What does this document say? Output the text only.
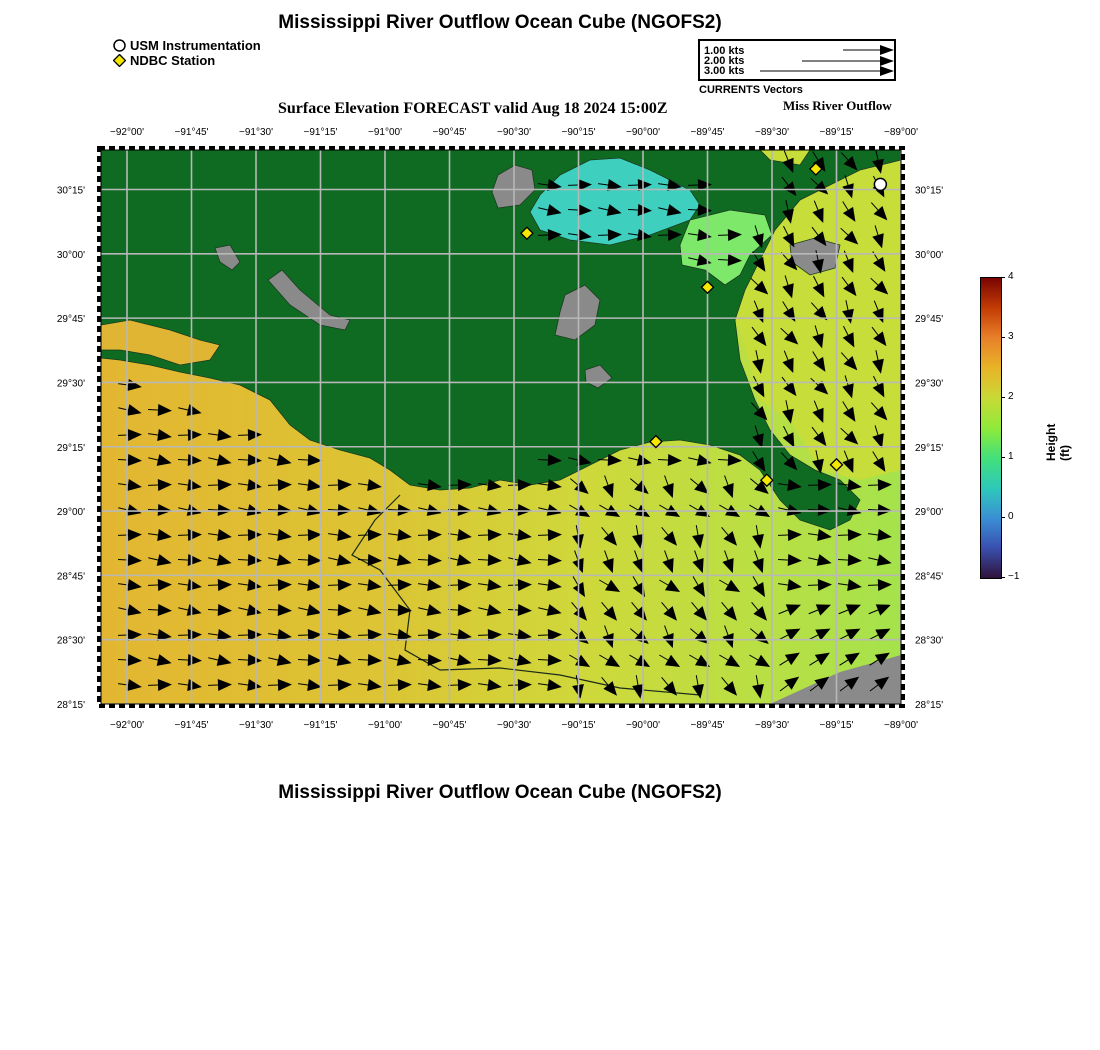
Mississippi River Outflow Ocean Cube (NGOFS2)
Mississippi River Outflow Ocean Cube (NGOFS2)
USM Instrumentation
NDBC Station
1.00 kts
2.00 kts
3.00 kts
CURRENTS Vectors
Surface Elevation FORECAST valid Aug 18 2024 15:00Z	Miss River Outflow
−92°00'
−92°00'
−91°45'
−91°45'
−91°30'
−91°30'
−91°15'
−91°15'
−91°00'
−91°00'
−90°45'
−90°45'
−90°30'
−90°30'
−90°15'
−90°15'
−90°00'
−90°00'
−89°45'
−89°45'
−89°30'
−89°30'
−89°15'
−89°15'
−89°00'
−89°00'
30°15'	30°15'
30°00'	30°00'
29°45'	29°45'
29°30'	29°30'
29°15'	29°15'
29°00'	29°00'
28°45'	28°45'
28°30'	28°30'
28°15'	28°15'
4
3
2
1
0
−1
Height (ft)
